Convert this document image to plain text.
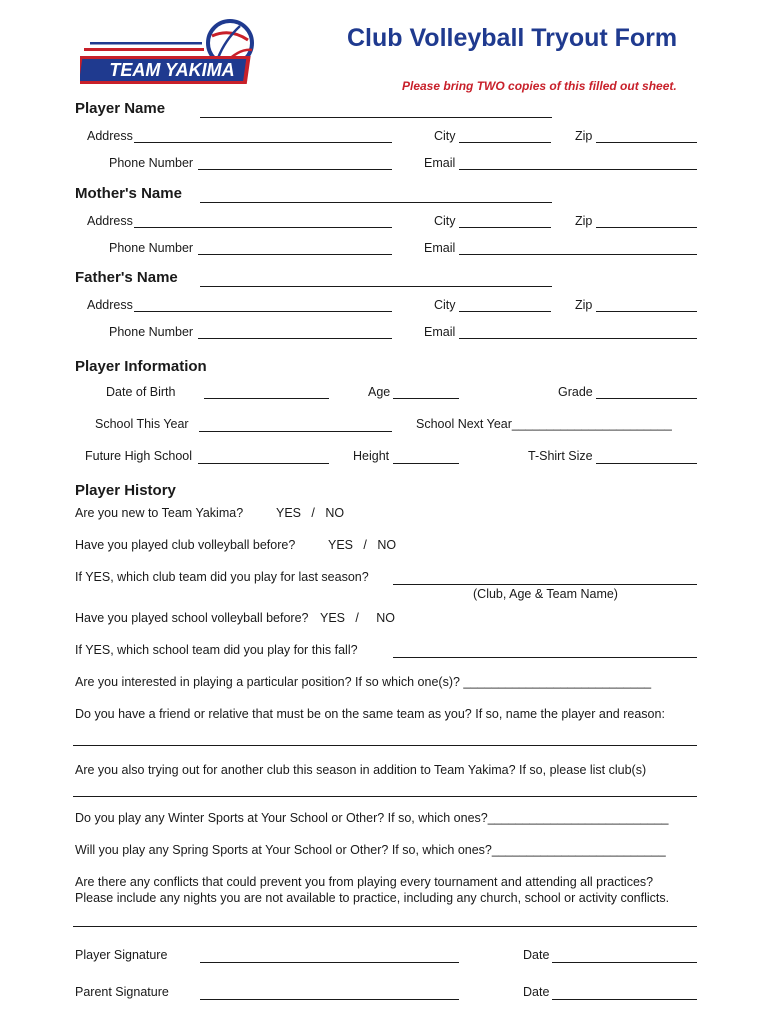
TEAM YAKIMA
Club Volleyball Tryout Form
Please bring TWO copies of this filled out sheet.
Player Name
Address	City	Zip
Phone Number	Email
Mother's Name
Address	City	Zip
Phone Number	Email
Father's Name
Address	City	Zip
Phone Number	Email
Player Information
Date of Birth	Age	Grade
School This Year	School Next Year_______________________
Future High School	Height	T-Shirt Size
Player History
Are you new to Team Yakima?	YES   /   NO
Have you played club volleyball before?	YES   /   NO
If YES, which club team did you play for last season?
(Club, Age & Team Name)
Have you played school volleyball before? YES   /     NO
If YES, which school team did you play for this fall?
Are you interested in playing a particular position? If so which one(s)? ___________________________
Do you have a friend or relative that must be on the same team as you? If so, name the player and reason:
Are you also trying out for another club this season in addition to Team Yakima? If so, please list club(s)
Do you play any Winter Sports at Your School or Other? If so, which ones?__________________________
Will you play any Spring Sports at Your School or Other? If so, which ones?_________________________
Are there any conflicts that could prevent you from playing every tournament and attending all practices?
Please include any nights you are not available to practice, including any church, school or activity conflicts.
Player Signature	Date
Parent Signature	Date
